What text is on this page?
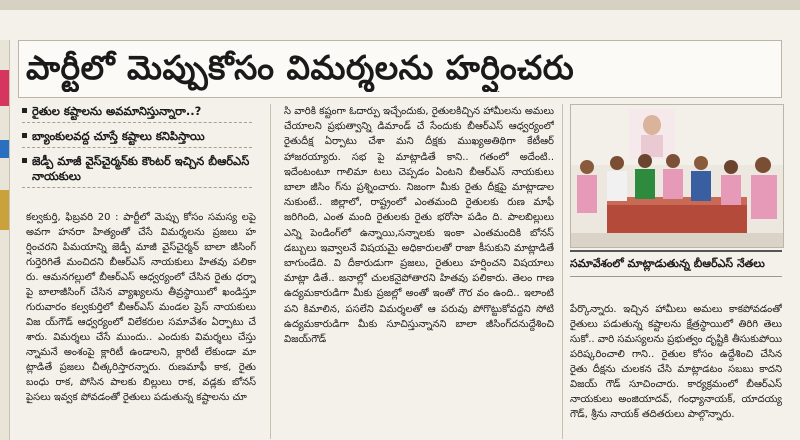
పార్టీలో మెప్పుకోసం విమర్శలను హర్షించరు
రైతుల కష్టాలను అవమానిస్తున్నారా..?
బ్యాంకులవద్ద చూస్తే కష్టాలు కనిపిస్తాయి
జెడ్పీ మాజీ వైస్‌చైర్మన్‌కు కౌంటర్ ఇచ్చిన బీఆర్ఎస్ నాయకులు
కల్వకుర్తి, ఫిబ్రవరి 20 : పార్టీలో మెప్పు కోసం సమస్య లపై అవగా హనరా హిత్యంతో చేసే విమర్శలను ప్రజలు హ ర్షించరని పిమయాన్ని జెడ్పీ మాజీ వైస్‌చైర్మన్ బాలా జీసింగ్ గుర్తెరిగితే మంచిదని బీఆర్ఎస్ నాయకులు హితవు పలికా రు. ఆమనగల్లులో బీఆర్ఎస్ ఆధ్వర్యంలో చేసిన రైతు ధర్నా పై బాలాజీసింగ్ చేసిన వ్యాఖ్యలను తీవ్రస్థాయిలో ఖండిస్తూ గురువారం కల్వకుర్తిలో బీఆర్ఎస్ మండల ప్రెస్ నాయకులు విజ య్‌గౌడ్ ఆధ్వర్యంలో విలేకరుల సమావేశం ఏర్పాటు చే శారు. విమర్శలు చేసే ముందు.. ఎందుకు విమర్శలు చేస్తు న్నామనే అంశంపై క్లారిటీ ఉండాలని, క్లారిటీ లేకుండా మా ట్లాడితే ప్రజలు చీత్కరిస్తారన్నారు. రుణమాఫీ కాక, రైతు బంధు రాక, పోసిన పాలకు బిల్లులు రాక, వడ్లకు బోనస్ పైసలు ఇవ్వక పోవడంతో రైతులు పడుతున్న కష్టాలను చూ
సి వారికి కష్టంగా ఓదార్పు ఇచ్చేందుకు, రైతులకిచ్చిన హామీలను అమలు చేయాలని ప్రభుత్వాన్ని డిమాండ్ చే సేందుకు బీఆర్ఎస్ ఆధ్వర్యంలో రైతుదీక్ష ఏర్పాటు చేశా మని దీక్షకు ముఖ్యఅతిథిగా కేటీఆర్ హాజరయ్యారు. సభ పై మాట్లాడితే కాని.. గతంలో అదేంటి.. ఇదేంటంటూ గాలిమా టలు చెప్పడం ఏంటని బీఆర్ఎస్ నాయకులు బాలా జీసిం గ్‌ను ప్రశ్నించారు. నిజంగా మీకు రైతు దీక్షపై మాట్లాడాల నుకుంటే.. జిల్లాలో, రాష్ట్రంలో ఎంతమంది రైతులకు రుణ మాఫీ జరిగింది, ఎంత మంది రైతులకు రైతు భరోసా పడిం ది. పాలబిల్లులు ఎన్ని పెండింగ్‌లో ఉన్నాయి,సన్నాలకు ఇంకా ఎంతమందికి బోనస్ డబ్బులు ఇవ్వాలనే విషయమై అధికారులతో రాజా కీసుకుని మాట్లాడితే బాగుండేది. వి దీకారుడుగా ప్రజలు, రైతులు హర్షించని విషయాలు మాట్లా డితే.. జనాల్లో చులకనైపోతారని హితవు పలికారు. తెలం గాణ ఉద్యమకారుడిగా మీకు ప్రజల్లో అంతో ఇంతో గౌర వం ఉంది.. ఇలాంటి పని కిమాలిన, పసలేని విమర్శలతో ఆ పరువు పోగొట్టుకోవద్దని సోటి ఉద్యమకారుడిగా మీకు సూచిస్తున్నానని బాలా జీసింగ్‌దనుద్దేశించి విజయ్‌గౌడ్
సమావేశంలో మాట్లాడుతున్న బీఆర్ఎస్ నేతలు
పేర్కొన్నారు. ఇచ్చిన హామీలు అమలు కాకపోవడంతో రైతులు పడుతున్న కష్టాలను క్షేత్రస్థాయిలో తిరిగి తెలు సుకో.. వారి సమస్యలను ప్రభుత్వం దృష్టికి తీసుకుపోయి పరిష్కరించాలి గాని.. రైతుల కోసం ఉద్దేశించి చేసిన రైతు దీక్షను చులకన చేసి మాట్లాడటం సబబు కాదని విజయ్ గౌడ్ సూచించారు. కార్యక్రమంలో బీఆర్ఎస్ నాయకులు అంజియాదవ్, గంధ్యానాయక్, యాదయ్య గౌడ్, శ్రీను నాయక్ తదితరులు పాల్గొన్నారు.
